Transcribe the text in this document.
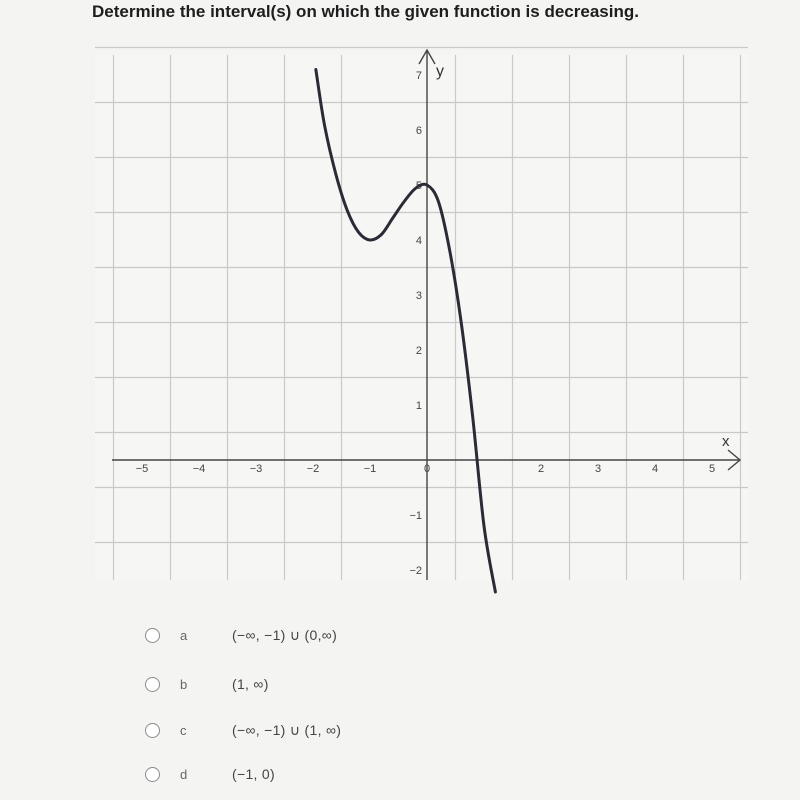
Determine the interval(s) on which the given function is decreasing.
x
y
−5	−4	−3	−2	−1	0	2	3	4	5
7
6
5
4
3
2
1
−1
−2
a	(−∞, −1) ∪ (0,∞)
b	(1, ∞)
c	(−∞, −1) ∪ (1, ∞)
d	(−1, 0)
